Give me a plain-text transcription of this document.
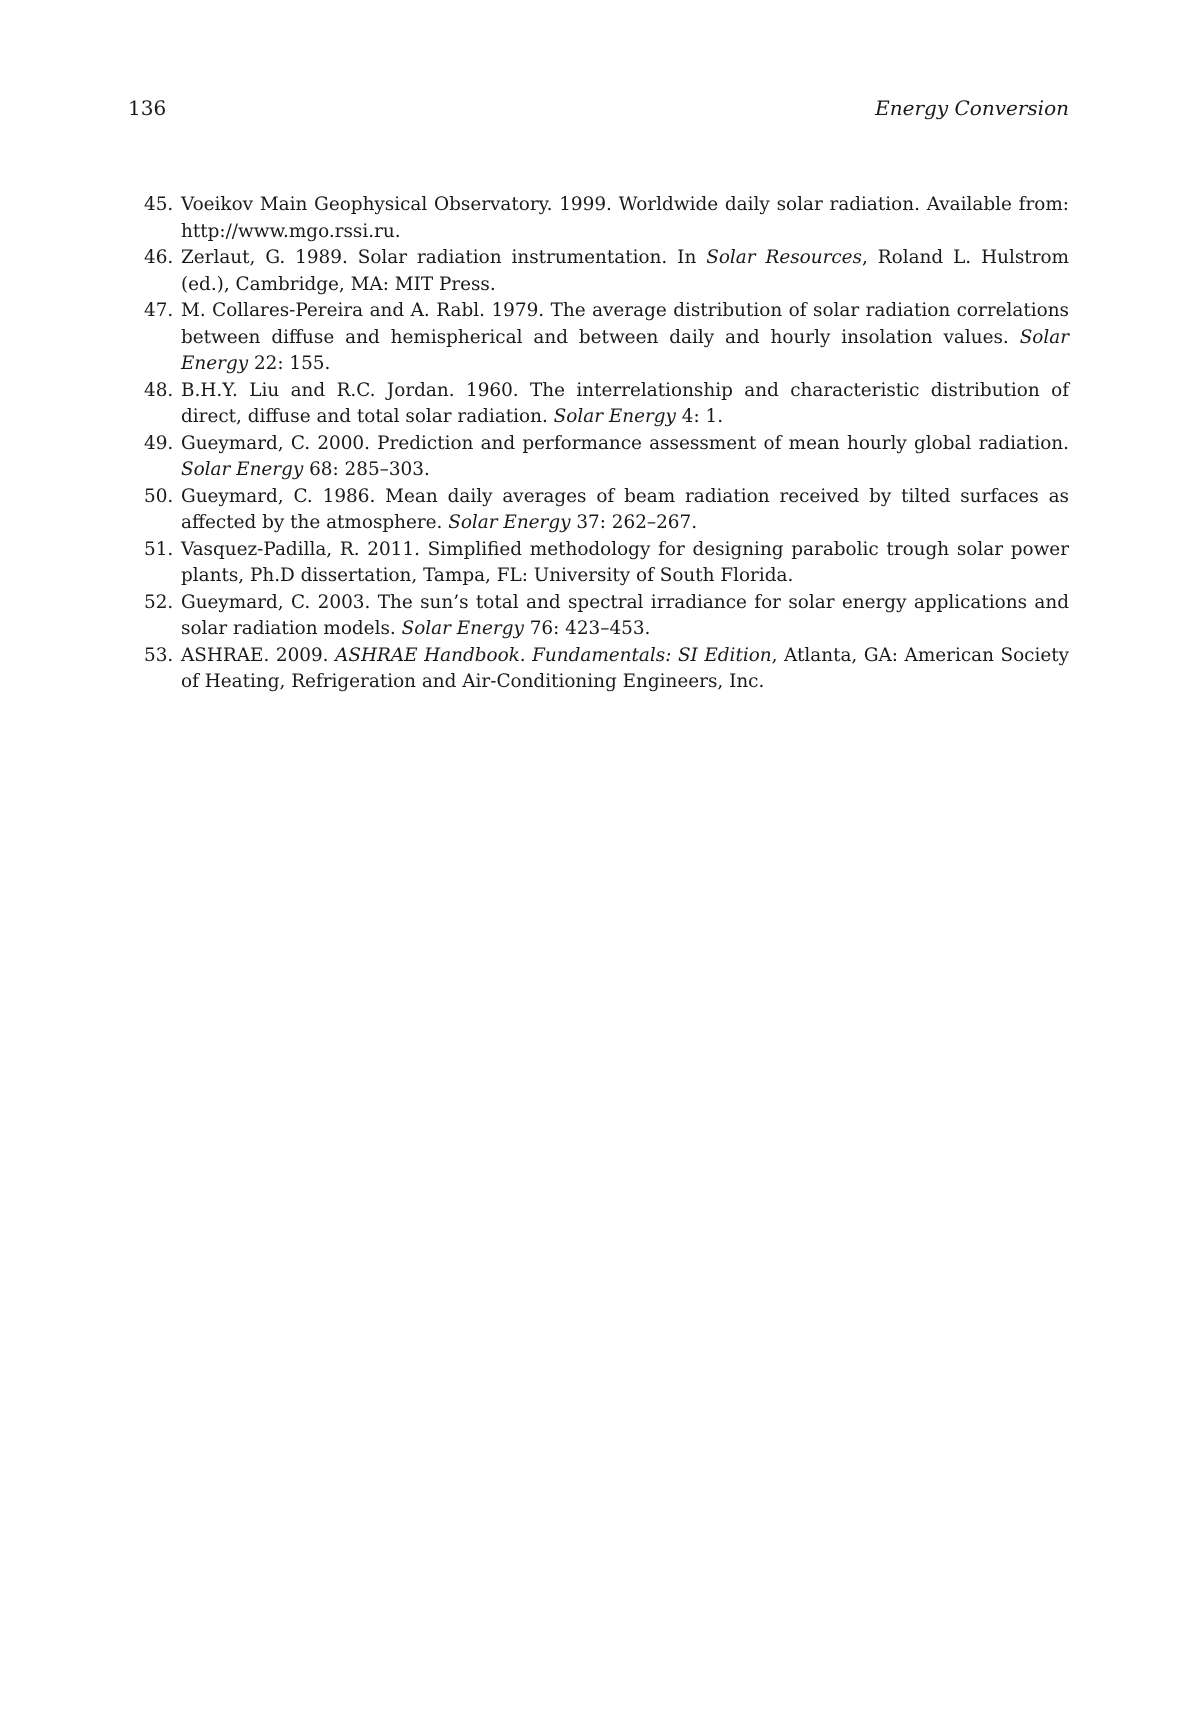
136	Energy Conversion
45. Voeikov Main Geophysical Observatory. 1999. Worldwide daily solar radiation. Available from: http://www.mgo.rssi.ru.
46. Zerlaut, G. 1989. Solar radiation instrumentation. In Solar Resources, Roland L. Hulstrom (ed.), Cambridge, MA: MIT Press.
47. M. Collares-Pereira and A. Rabl. 1979. The average distribution of solar radiation correlations between diffuse and hemispherical and between daily and hourly insolation values. Solar Energy 22: 155.
48. B.H.Y. Liu and R.C. Jordan. 1960. The interrelationship and characteristic distribution of direct, diffuse and total solar radiation. Solar Energy 4: 1.
49. Gueymard, C. 2000. Prediction and performance assessment of mean hourly global radiation. Solar Energy 68: 285–303.
50. Gueymard, C. 1986. Mean daily averages of beam radiation received by tilted surfaces as affected by the atmosphere. Solar Energy 37: 262–267.
51. Vasquez-Padilla, R. 2011. Simplified methodology for designing parabolic trough solar power plants, Ph.D dissertation, Tampa, FL: University of South Florida.
52. Gueymard, C. 2003. The sun’s total and spectral irradiance for solar energy applications and solar radiation models. Solar Energy 76: 423–453.
53. ASHRAE. 2009. ASHRAE Handbook. Fundamentals: SI Edition, Atlanta, GA: American Society of Heating, Refrigeration and Air-Conditioning Engineers, Inc.
